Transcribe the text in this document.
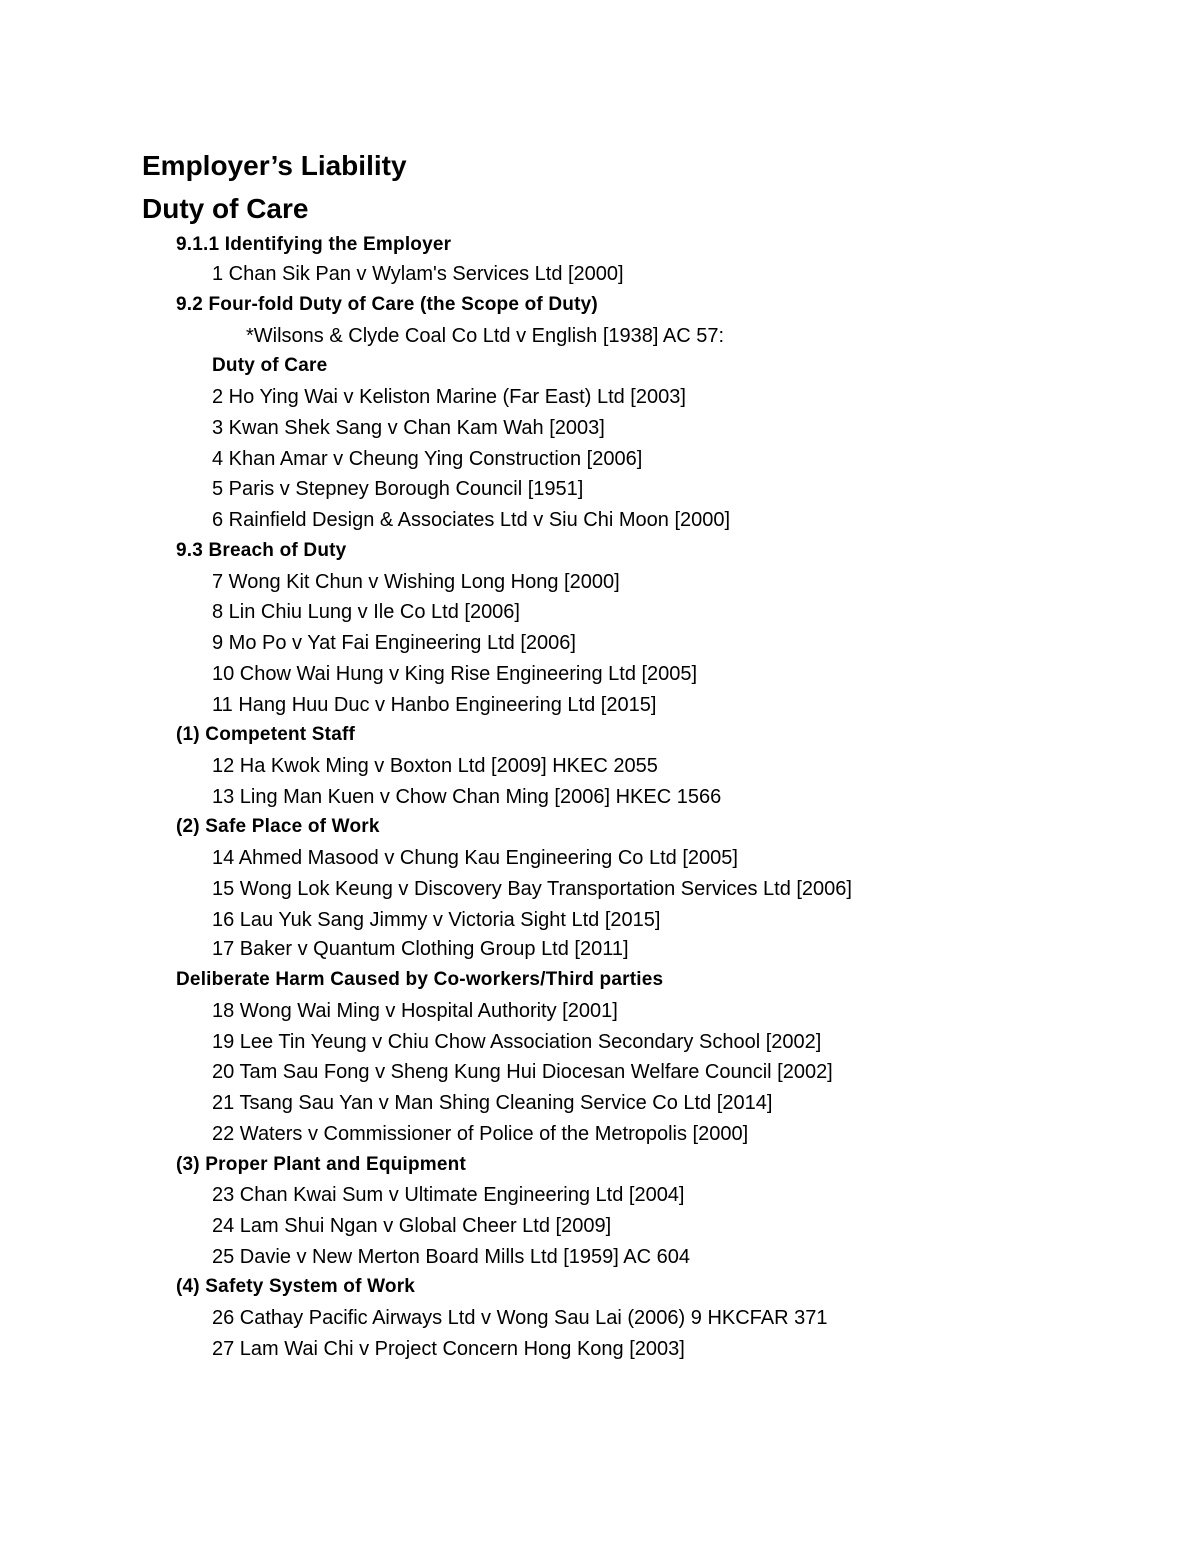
Employer’s Liability
Duty of Care
9.1.1 Identifying the Employer
1 Chan Sik Pan v Wylam's Services Ltd [2000]
9.2 Four-fold Duty of Care (the Scope of Duty)
*Wilsons & Clyde Coal Co Ltd v English [1938] AC 57:
Duty of Care
2 Ho Ying Wai v Keliston Marine (Far East) Ltd [2003]
3 Kwan Shek Sang v Chan Kam Wah [2003]
4 Khan Amar v Cheung Ying Construction [2006]
5 Paris v Stepney Borough Council [1951]
6 Rainfield Design & Associates Ltd v Siu Chi Moon [2000]
9.3 Breach of Duty
7 Wong Kit Chun v Wishing Long Hong [2000]
8 Lin Chiu Lung v Ile Co Ltd [2006]
9 Mo Po v Yat Fai Engineering Ltd [2006]
10 Chow Wai Hung v King Rise Engineering Ltd [2005]
11 Hang Huu Duc v Hanbo Engineering Ltd [2015]
(1) Competent Staff
12 Ha Kwok Ming v Boxton Ltd [2009] HKEC 2055
13 Ling Man Kuen v Chow Chan Ming [2006] HKEC 1566
(2) Safe Place of Work
14 Ahmed Masood v Chung Kau Engineering Co Ltd [2005]
15 Wong Lok Keung v Discovery Bay Transportation Services Ltd [2006]
16 Lau Yuk Sang Jimmy v Victoria Sight Ltd [2015]
17 Baker v Quantum Clothing Group Ltd [2011]
Deliberate Harm Caused by Co-workers/Third parties
18 Wong Wai Ming v Hospital Authority [2001]
19 Lee Tin Yeung v Chiu Chow Association Secondary School [2002]
20 Tam Sau Fong v Sheng Kung Hui Diocesan Welfare Council [2002]
21 Tsang Sau Yan v Man Shing Cleaning Service Co Ltd [2014]
22 Waters v Commissioner of Police of the Metropolis [2000]
(3) Proper Plant and Equipment
23 Chan Kwai Sum v Ultimate Engineering Ltd [2004]
24 Lam Shui Ngan v Global Cheer Ltd [2009]
25 Davie v New Merton Board Mills Ltd [1959] AC 604
(4) Safety System of Work
26 Cathay Pacific Airways Ltd v Wong Sau Lai (2006) 9 HKCFAR 371
27 Lam Wai Chi v Project Concern Hong Kong [2003]
